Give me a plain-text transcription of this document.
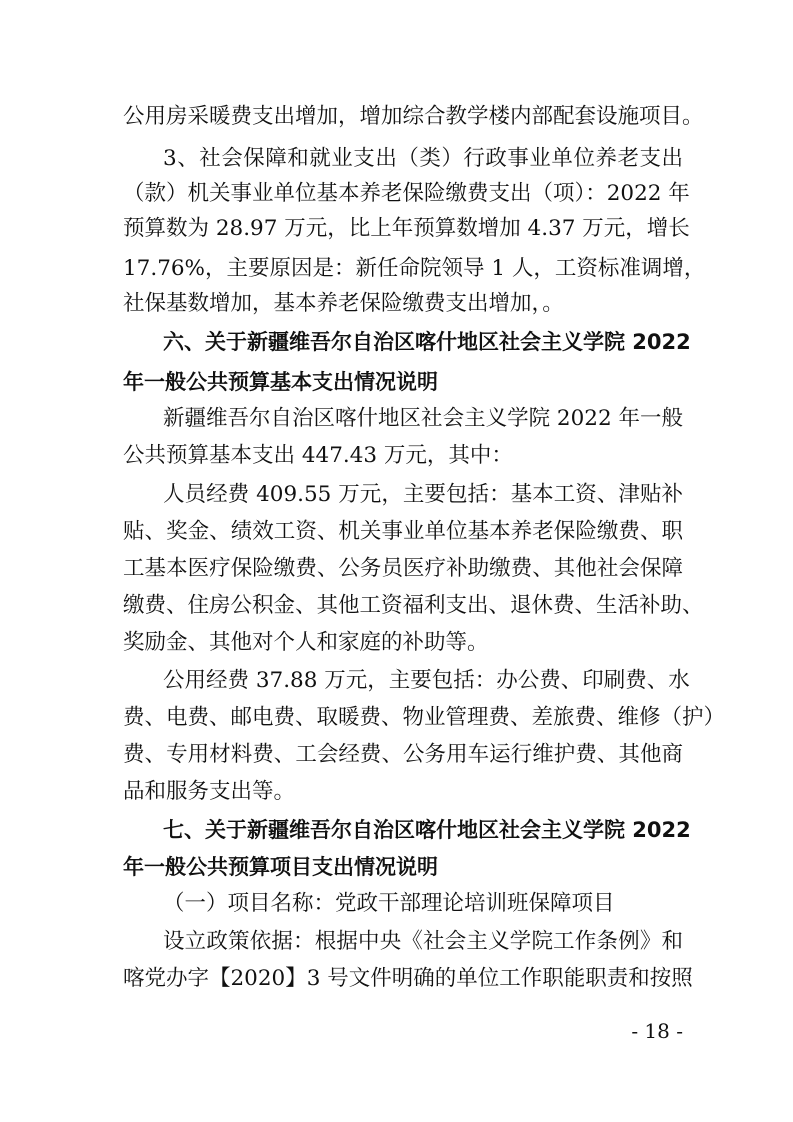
公用房采暖费支出增加，增加综合教学楼内部配套设施项目。

3、社会保障和就业支出（类）行政事业单位养老支出

（款）机关事业单位基本养老保险缴费支出（项）：2022 年

预算数为 28.97 万元，比上年预算数增加 4.37 万元，增长

17.76%，主要原因是：新任命院领导 1 人，工资标准调增，

社保基数增加，基本养老保险缴费支出增加，。

六、关于新疆维吾尔自治区喀什地区社会主义学院 2022

年一般公共预算基本支出情况说明

新疆维吾尔自治区喀什地区社会主义学院 2022 年一般

公共预算基本支出 447.43 万元，其中：

人员经费 409.55 万元，主要包括：基本工资、津贴补

贴、奖金、绩效工资、机关事业单位基本养老保险缴费、职

工基本医疗保险缴费、公务员医疗补助缴费、其他社会保障

缴费、住房公积金、其他工资福利支出、退休费、生活补助、

奖励金、其他对个人和家庭的补助等。

公用经费 37.88 万元，主要包括：办公费、印刷费、水

费、电费、邮电费、取暖费、物业管理费、差旅费、维修（护）

费、专用材料费、工会经费、公务用车运行维护费、其他商

品和服务支出等。

七、关于新疆维吾尔自治区喀什地区社会主义学院 2022

年一般公共预算项目支出情况说明

（一）项目名称：党政干部理论培训班保障项目

设立政策依据：根据中央《社会主义学院工作条例》和

喀党办字【2020】3 号文件明确的单位工作职能职责和按照

- 18 -
